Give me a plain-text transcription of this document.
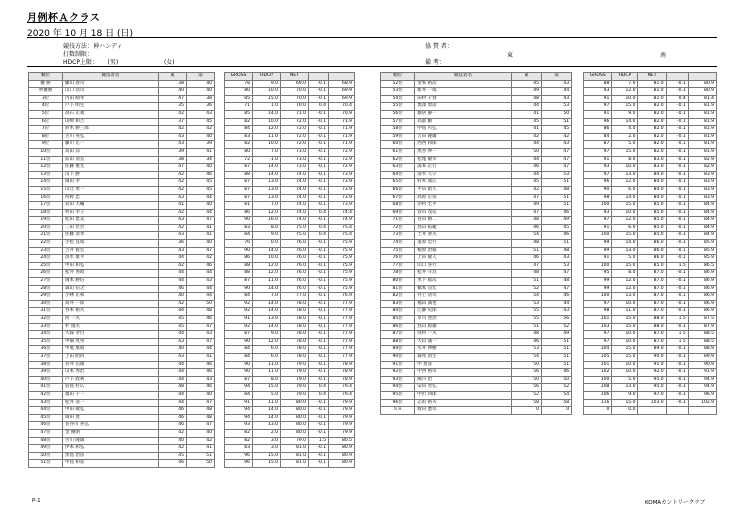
月例杯Ａクラス
2020 年 10 月 18 日 (日)
競技方法：神ハンディ
打数制限：
HDCP上限： (男)	(女)
協 賛 者：
東	南
備 考：
順位	競技者名	東	南		GROSS	HDCP	NET		
優 勝	藤山 春司	38	40		78	9.0	69.0	-0.1	68.9
準優勝	山口 浩司	40	40		80	10.0	70.0	-0.1	69.9
3位	内田 晴孝	47	38		85	15.0	70.0	-0.1	69.9
4位	戸下 明生	35	36		71	1.0	70.0	0.4	70.4
5位	高石 正義	42	43		85	14.0	71.0	-0.1	70.9
6位	山崎 和吉	37	45		82	10.0	72.0	-0.1	71.9
7位	鈴木 勝三郎	42	42		84	12.0	72.0	-0.1	71.9
8位	古川 英弘	43	40		83	11.0	72.0	-0.1	71.9
9位	藤川 正一	43	39		82	10.0	72.0	-0.1	71.9
10位	高田 涼	39	41		80	7.0	73.0	-0.1	72.9
11位	前田 清宣	38	34		72	-1.0	73.0	-0.1	72.9
12位	佐藤 重光	47	40		87	14.0	73.0	-0.1	72.9
13位	山下 勝	42	46		88	14.0	74.0	-0.1	73.9
14位	岡田 孝	42	45		87	13.0	74.0	-0.1	73.9
15位	山辻 勇一	42	45		87	13.0	74.0	-0.1	73.9
16位	河野 忠	43	44		87	13.0	74.0	-0.1	73.9
17位	岩田 大輔	41	40		81	7.0	74.0	-0.1	73.9
18位	村田 孝子	42	44		86	12.0	74.0	0.4	74.4
19位	松田 恵美	43	47		90	16.0	74.0	-0.1	74.9
20位	三田 臣吾	42	41		83	8.0	75.0	0.4	75.4
21位	佐藤 清孝	43	41		84	9.0	75.0	0.4	75.4
22位	小松 良成	36	40		76	0.0	76.0	-0.1	75.9
23位	吉井 賢宏	43	47		90	14.0	76.0	-0.1	75.9
24位	清水 康平	44	42		86	10.0	76.0	-0.1	75.9
25位	中田 和弘	42	46		88	12.0	76.0	-0.1	75.9
26位	松井 秀昭	44	44		88	12.0	76.0	-0.1	75.9
27位	岡本 勝信	44	43		87	11.0	76.0	-0.1	75.9
28位	森山 信之	46	44		90	14.0	76.0	-0.1	75.9
29位	小林 正和	40	44		84	7.0	77.0	-0.1	76.9
30位	高井 一郎	42	50		92	14.0	78.0	-0.1	77.9
31位	谷本 裕夫	44	48		92	14.0	78.0	-0.1	77.9
32位	河 一夫	45	46		91	13.0	78.0	-0.1	77.9
33位	杉 規夫	45	47		92	14.0	78.0	-0.1	77.9
34位	大森 孝白	44	43		87	9.0	78.0	-0.1	77.9
35位	中畑 兆男	43	47		90	12.0	78.0	-0.1	77.9
36位	中尾 康昭	40	44		84	6.0	78.0	-0.1	77.9
37位	上田 昭四	43	41		84	6.0	78.0	-0.1	77.9
38位	岩井 信雄	44	46		90	11.0	79.0	-0.1	78.9
39位	山本 秀治	44	46		90	11.0	79.0	-0.1	78.9
40位	戸下 政利	44	43		87	8.0	79.0	-0.1	78.9
41位	岩島 好広	48	46		94	15.0	79.0	0.4	79.4
42位	福田 千一	44	40		84	5.0	79.0	0.4	79.4
43位	松井 清一	44	47		91	11.0	80.0	-0.1	79.9
44位	中田 敬弘	46	48		94	14.0	80.0	-0.1	79.9
45位	岡田 豊	46	48		94	14.0	80.0	-0.1	79.9
46位	長谷川 喜弘	46	47		93	13.0	80.0	-0.1	79.9
47位	金 優朗	42	40		82	2.0	80.0	-0.1	79.9
48位	古川 隆雄	40	42		82	3.0	79.0	1.5	80.5
49位	伊本 和弘	42	41		83	3.0	81.0	-0.1	80.9
50位	黒島 治彦	45	51		96	15.0	81.0	-0.1	80.9
51位	中島 和彦	46	50		96	15.0	81.0	-0.1	80.9
順位	競技者名	東	南		GROSS	HDCP	NET		
52位	金本 裕次	45	43		88	7.0	81.0	-0.1	80.9
53位	新井 一成	49	44		93	12.0	81.0	-0.1	80.9
54位	田村 千春	48	43		91	10.0	81.0	0.4	81.4
55位	奥澤 勇彦	44	53		97	15.0	82.0	-0.1	81.9
56位	堀居 静一	41	50		91	9.0	82.0	-0.1	81.9
57位	高都 勤	45	51		96	14.0	82.0	-0.1	81.9
58位	中島 可弘	41	45		86	4.0	82.0	-0.1	81.9
59位	吉田 隆雄	42	42		84	2.0	82.0	-0.1	81.9
60位	西西 和郎	44	43		87	5.0	82.0	-0.1	81.9
61位	黒谷 伸一	50	47		97	15.0	82.0	-0.1	81.9
62位	松尾 敏幸	44	47		91	8.0	83.0	-0.1	82.9
63位	湯本 正行	46	47		93	10.0	83.0	-0.1	82.9
64位	清水 久守	44	53		97	13.0	84.0	-0.1	83.9
65位	鈴木 康広	45	51		96	12.0	84.0	-0.1	83.9
66位	平田 昭久	42	48		90	6.0	84.0	-0.1	83.9
67位	高原 正栄	47	51		98	14.0	84.0	-0.1	83.9
68位	赤村 宏平	49	51		100	15.0	85.0	-0.1	84.9
69位	菅山 茂信	47	46		93	10.0	85.0	-0.1	84.9
71位	宮田 勝二	48	49		97	12.0	85.0	-0.1	84.9
72位	鳥山 拓範	46	45		91	6.0	85.0	-0.1	84.9
73位	土井 春夫	54	46		100	15.0	85.0	-0.1	84.9
74位	道原 忠行	48	51		99	14.0	86.0	-0.1	85.9
75位	根原 治稔	51	48		99	13.0	86.0	-0.1	85.9
76位	上田 隆人	46	43		91	5.0	86.0	-0.1	85.9
77位	山口 喜行	47	53		100	15.0	85.0	1.5	86.5
78位	松井 守昌	48	47		95	8.0	87.0	-0.1	86.9
80位	木下 稔次	51	48		99	12.0	87.0	-0.1	86.9
81位	橋本 良宏	52	47		99	12.0	87.0	-0.1	86.9
82位	井上 清司	54	46		100	13.0	87.0	-0.1	86.9
83位	福田 誠也	53	44		97	10.0	87.0	-0.1	86.9
84位	江藤 史郎	55	43		98	11.0	87.0	-0.1	86.9
85位	市川 豊治	55	56		101	15.0	88.0	1.5	87.5
86位	鳥山 稔雄	51	52		103	15.0	88.0	-0.1	87.9
87位	河村 一夫	48	49		97	10.0	87.0	1.5	88.5
88位	大山 誠一	46	51		97	10.0	87.0	1.5	88.5
89位	水井 伸樹	53	51		104	15.0	89.0	-0.1	88.9
90位	森兆 清生	54	51		105	15.0	90.0	-0.1	89.9
91位	中 豊彦	50	51		101	10.0	91.0	-0.1	90.9
92位	中西 裕司	56	46		102	10.0	92.0	-0.1	91.9
93位	熊川 治	50	50		100	5.0	95.0	-0.1	94.9
94位	安田 善弘	56	52		108	13.0	95.0	-0.1	94.9
95位	中沢 四郎	52	54		106	9.0	97.0	-0.1	96.9
96位	志垣 裕夫	58	58		116	15.0	103.0	-0.1	102.9
ＮＲ	渡田 憲司	0	0		0	0.0			
P-1	KOMAカントリークラブ
